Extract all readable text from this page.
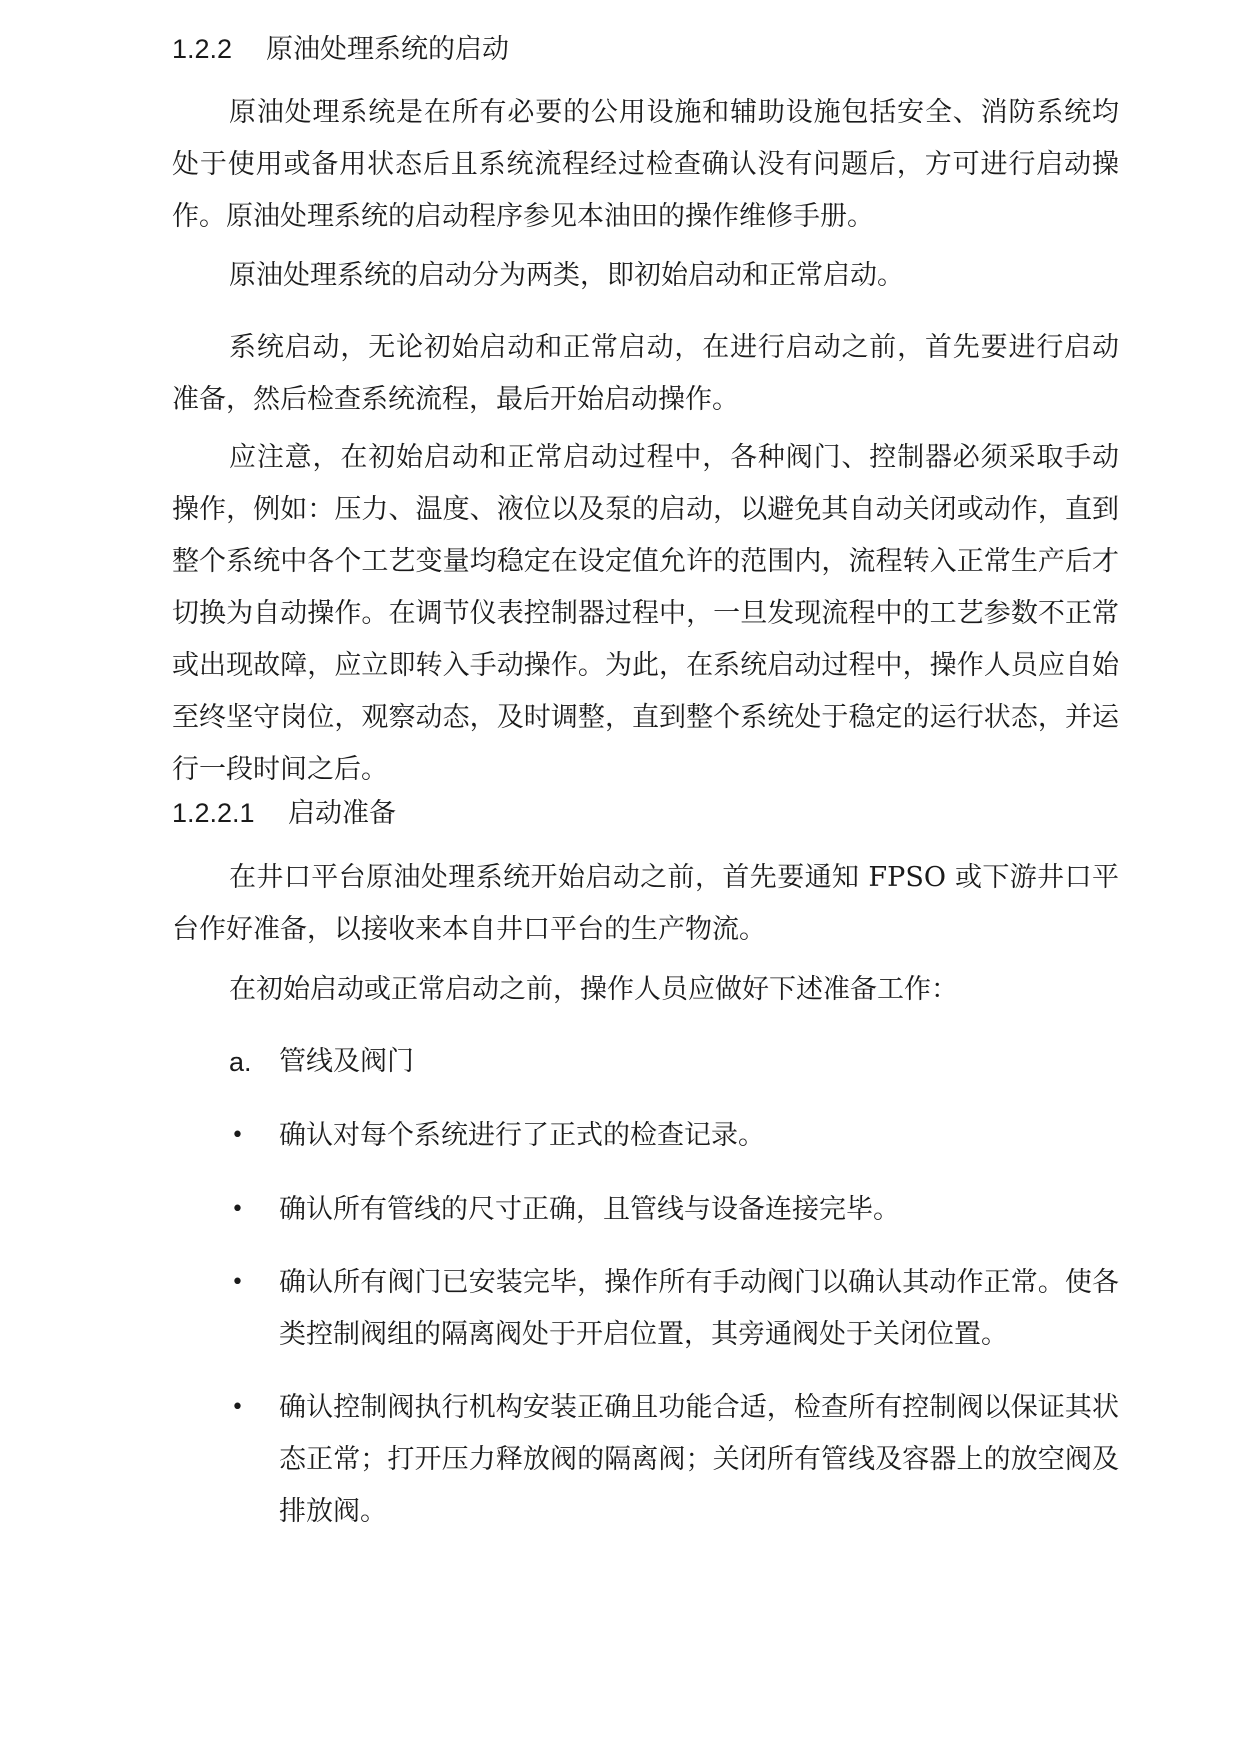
1.2.2 原油处理系统的启动

原油处理系统是在所有必要的公用设施和辅助设施包括安全、消防系统均处于使用或备用状态后且系统流程经过检查确认没有问题后，方可进行启动操作。原油处理系统的启动程序参见本油田的操作维修手册。

原油处理系统的启动分为两类，即初始启动和正常启动。

系统启动，无论初始启动和正常启动，在进行启动之前，首先要进行启动准备，然后检查系统流程，最后开始启动操作。

应注意，在初始启动和正常启动过程中，各种阀门、控制器必须采取手动操作，例如：压力、温度、液位以及泵的启动，以避免其自动关闭或动作，直到整个系统中各个工艺变量均稳定在设定值允许的范围内，流程转入正常生产后才切换为自动操作。在调节仪表控制器过程中，一旦发现流程中的工艺参数不正常或出现故障，应立即转入手动操作。为此，在系统启动过程中，操作人员应自始至终坚守岗位，观察动态，及时调整，直到整个系统处于稳定的运行状态，并运行一段时间之后。

1.2.2.1 启动准备

在井口平台原油处理系统开始启动之前，首先要通知 FPSO 或下游井口平台作好准备，以接收来本自井口平台的生产物流。

在初始启动或正常启动之前，操作人员应做好下述准备工作：

a. 管线及阀门
• 确认对每个系统进行了正式的检查记录。
• 确认所有管线的尺寸正确，且管线与设备连接完毕。
• 确认所有阀门已安装完毕，操作所有手动阀门以确认其动作正常。使各类控制阀组的隔离阀处于开启位置，其旁通阀处于关闭位置。
• 确认控制阀执行机构安装正确且功能合适，检查所有控制阀以保证其状态正常；打开压力释放阀的隔离阀；关闭所有管线及容器上的放空阀及排放阀。
